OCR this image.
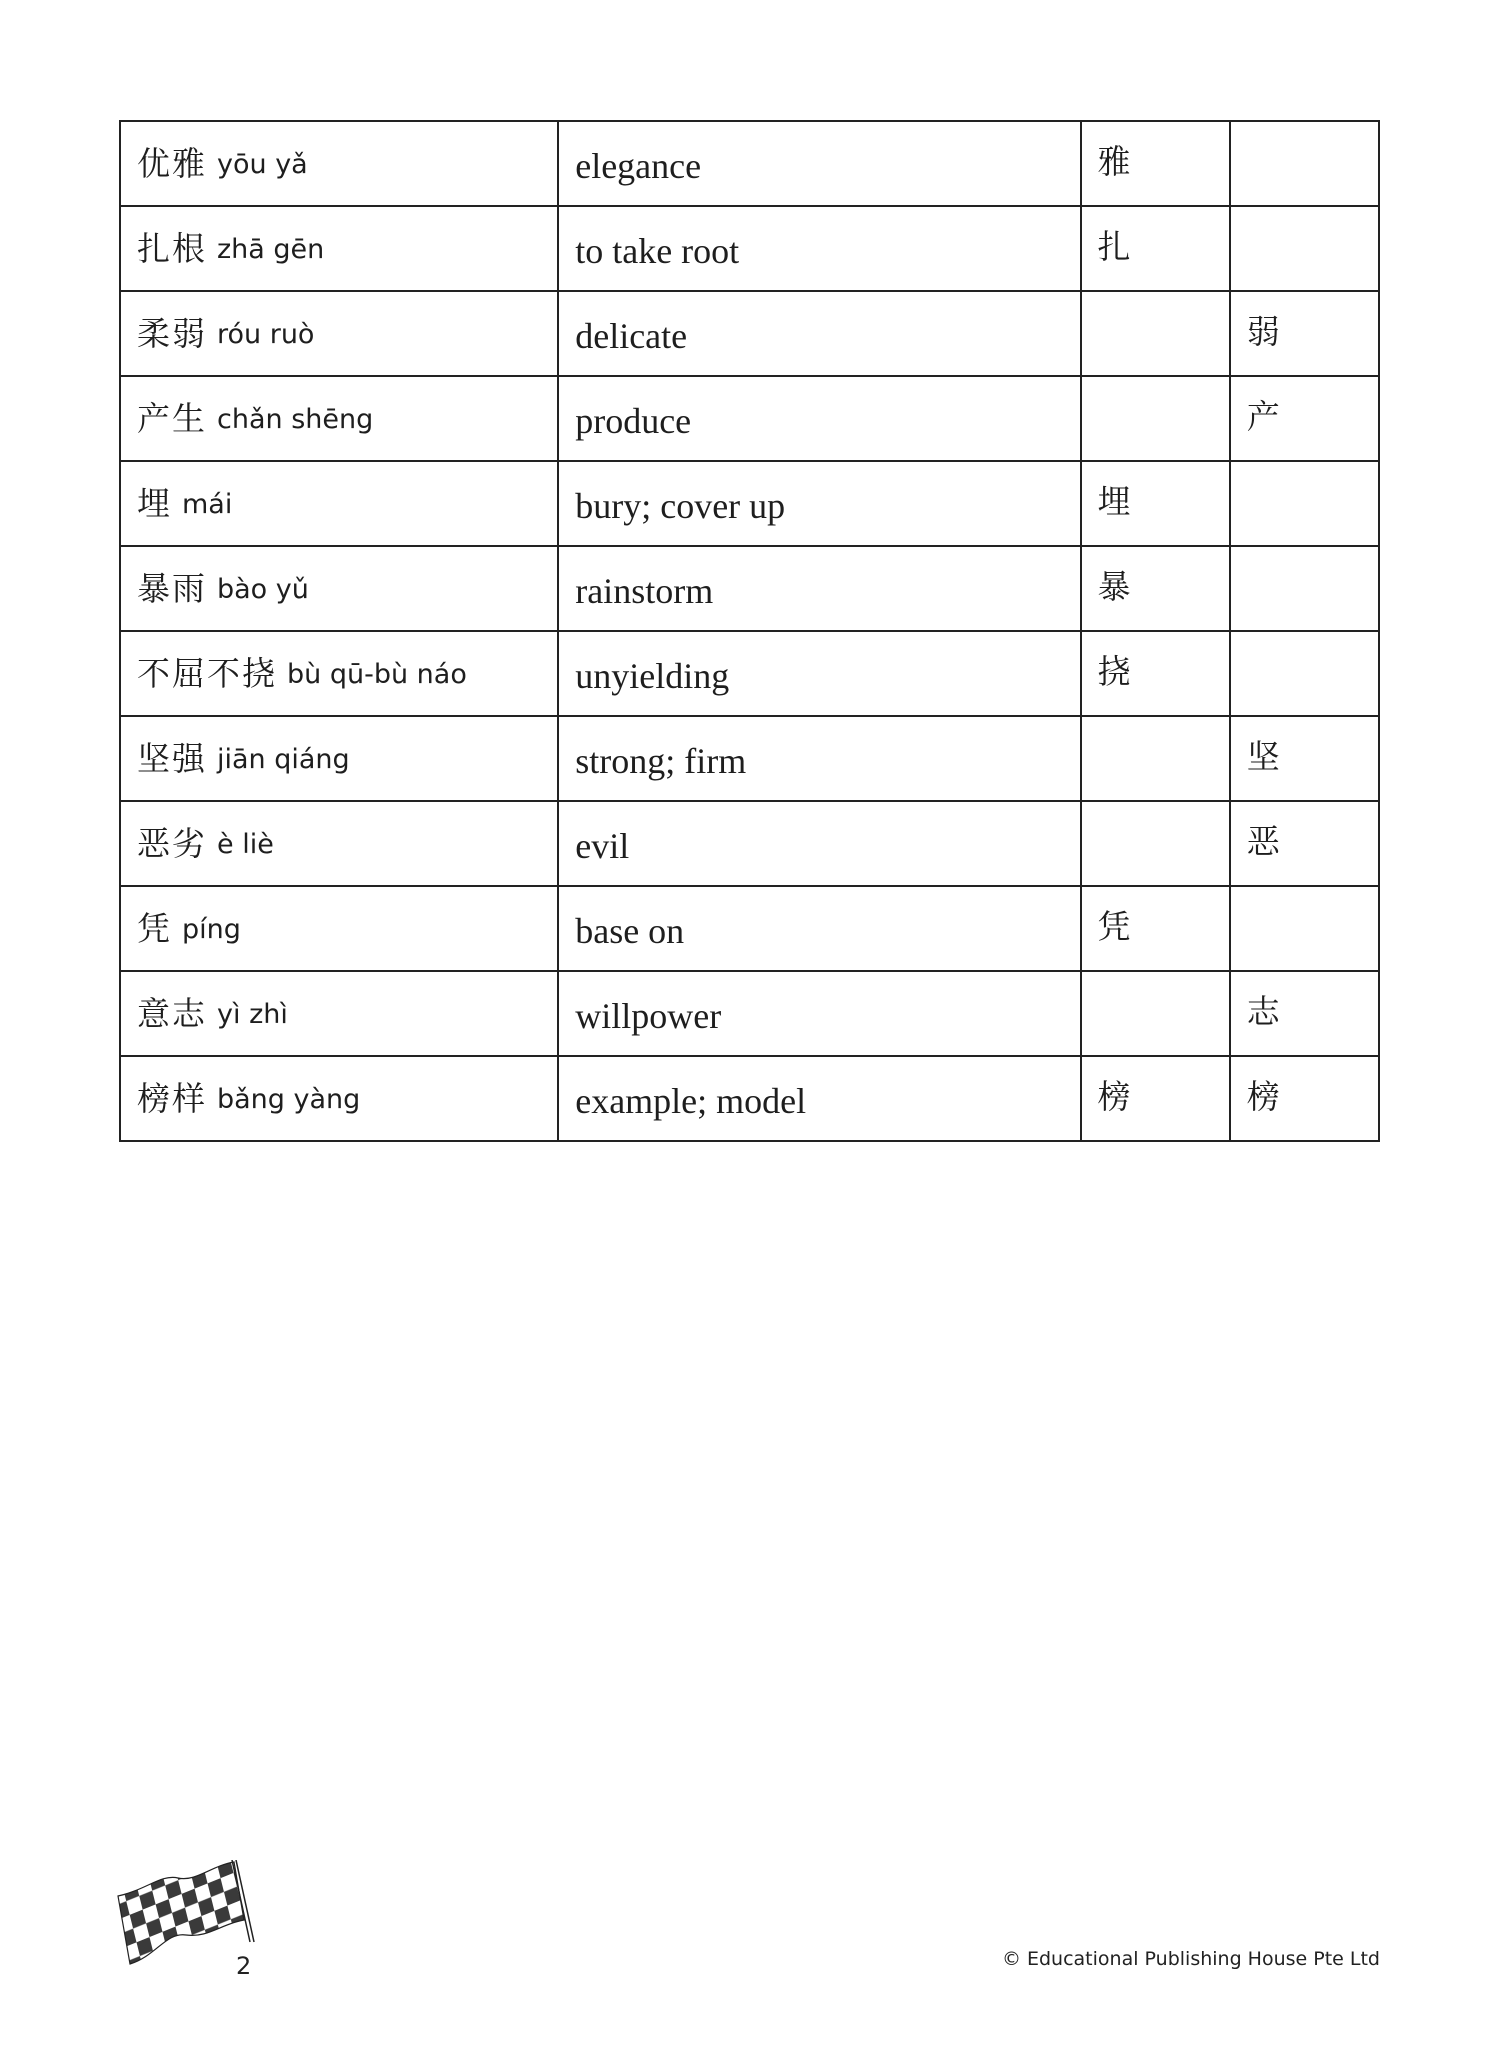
优雅 yōu yǎ	elegance	雅	
扎根 zhā gēn	to take root	扎	
柔弱 róu ruò	delicate		弱
产生 chǎn shēng	produce		产
埋 mái	bury; cover up	埋	
暴雨 bào yǔ	rainstorm	暴	
不屈不挠 bù qū-bù náo	unyielding	挠	
坚强 jiān qiáng	strong; firm		坚
恶劣 è liè	evil		恶
凭 píng	base on	凭	
意志 yì zhì	willpower		志
榜样 bǎng yàng	example; model	榜	榜
2	© Educational Publishing House Pte Ltd
